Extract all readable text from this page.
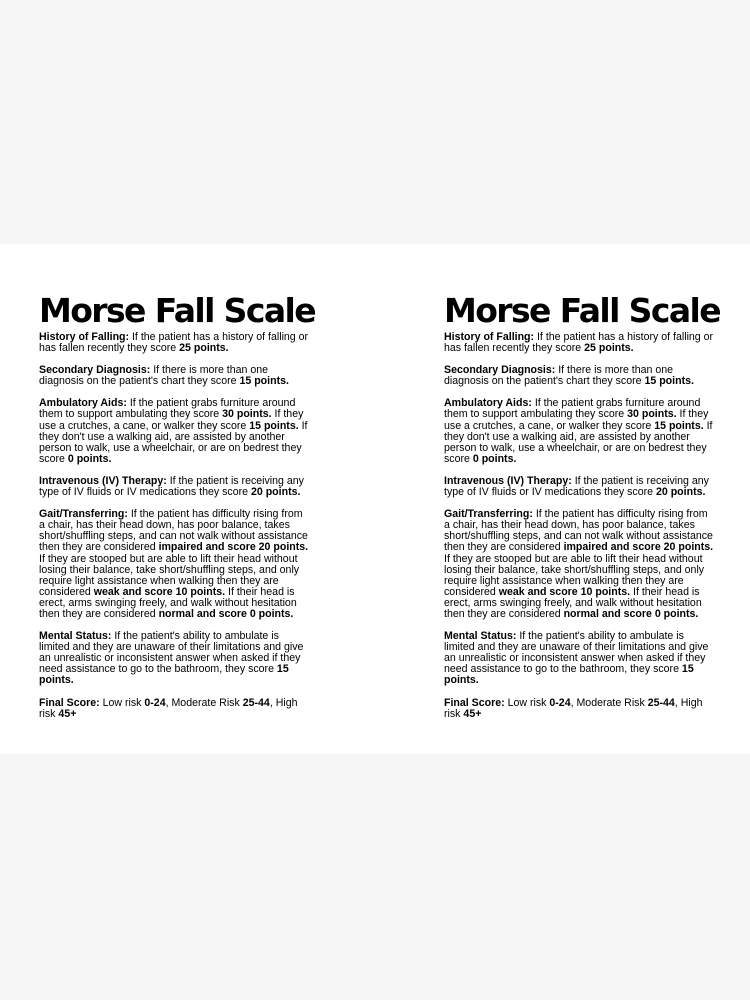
Morse Fall Scale
History of Falling: If the patient has a history of falling or has fallen recently they score 25 points.
Secondary Diagnosis: If there is more than one diagnosis on the patient's chart they score 15 points.
Ambulatory Aids: If the patient grabs furniture around them to support ambulating they score 30 points. If they use a crutches, a cane, or walker they score 15 points. If they don't use a walking aid, are assisted by another person to walk, use a wheelchair, or are on bedrest they score 0 points.
Intravenous (IV) Therapy: If the patient is receiving any type of IV fluids or IV medications they score 20 points.
Gait/Transferring: If the patient has difficulty rising from a chair, has their head down, has poor balance, takes short/shuffling steps, and can not walk without assistance then they are considered impaired and score 20 points. If they are stooped but are able to lift their head without losing their balance, take short/shuffling steps, and only require light assistance when walking then they are considered weak and score 10 points. If their head is erect, arms swinging freely, and walk without hesitation then they are considered normal and score 0 points.
Mental Status: If the patient's ability to ambulate is limited and they are unaware of their limitations and give an unrealistic or inconsistent answer when asked if they need assistance to go to the bathroom, they score 15 points.
Final Score: Low risk 0-24, Moderate Risk 25-44, High risk 45+
Morse Fall Scale
History of Falling: If the patient has a history of falling or has fallen recently they score 25 points.
Secondary Diagnosis: If there is more than one diagnosis on the patient's chart they score 15 points.
Ambulatory Aids: If the patient grabs furniture around them to support ambulating they score 30 points. If they use a crutches, a cane, or walker they score 15 points. If they don't use a walking aid, are assisted by another person to walk, use a wheelchair, or are on bedrest they score 0 points.
Intravenous (IV) Therapy: If the patient is receiving any type of IV fluids or IV medications they score 20 points.
Gait/Transferring: If the patient has difficulty rising from a chair, has their head down, has poor balance, takes short/shuffling steps, and can not walk without assistance then they are considered impaired and score 20 points. If they are stooped but are able to lift their head without losing their balance, take short/shuffling steps, and only require light assistance when walking then they are considered weak and score 10 points. If their head is erect, arms swinging freely, and walk without hesitation then they are considered normal and score 0 points.
Mental Status: If the patient's ability to ambulate is limited and they are unaware of their limitations and give an unrealistic or inconsistent answer when asked if they need assistance to go to the bathroom, they score 15 points.
Final Score: Low risk 0-24, Moderate Risk 25-44, High risk 45+
